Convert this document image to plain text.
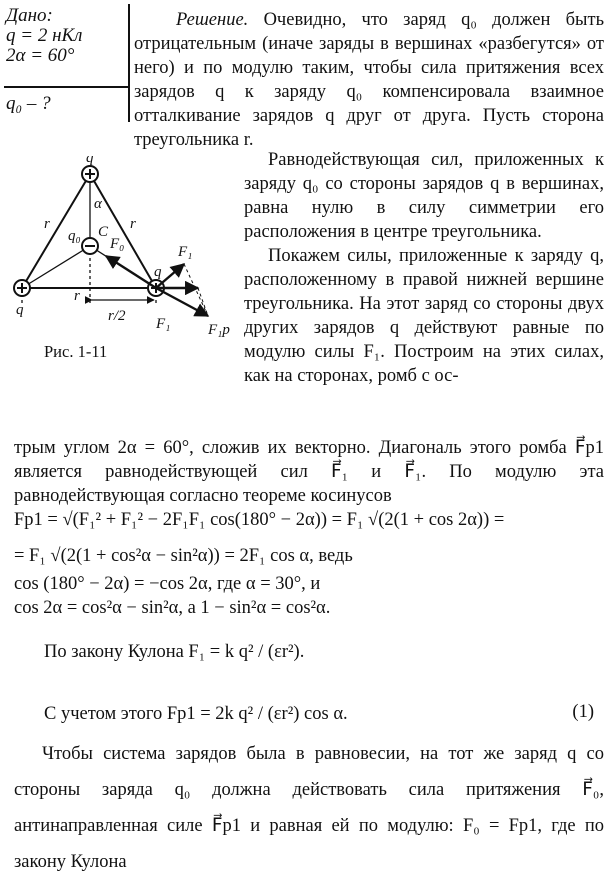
Дано:
q = 2 нКл
2α = 60°
q₀ – ?
Решение. Очевидно, что заряд q₀ должен быть отрицательным (иначе заряды в вершинах «разбегутся» от него) и по модулю таким, чтобы сила притяжения всех зарядов q к заряду q₀ компенсировала взаимное отталкивание зарядов q друг от друга. Пусть сторона треугольника r.
Равнодействующая сил, приложенных к заряду q₀ со стороны зарядов q в вершинах, равна нулю в силу симметрии его расположения в центре треугольника.
Покажем силы, приложенные к заряду q, расположенному в правой нижней вершине треугольника. На этот заряд со стороны двух других зарядов q действуют равные по модулю силы F₁. Построим на этих силах, как на сторонах, ромб с ос-
трым углом 2α = 60°, сложив их векторно. Диагональ этого ромба F⃗р1 является равнодействующей сил F⃗₁ и F⃗₁. По модулю эта равнодействующая согласно теореме косинусов
q
q
q
q₀ C
α
r	r
r
r/2
F₀	F₁
F₁	F₁р
Рис. 1-11
Fр1 = √(F₁² + F₁² − 2F₁F₁ cos(180° − 2α)) = F₁ √(2(1 + cos 2α)) =
= F₁ √(2(1 + cos²α − sin²α)) = 2F₁ cos α, ведь
cos (180° − 2α) = −cos 2α, где α = 30°, и
cos 2α = cos²α − sin²α, а 1 − sin²α = cos²α.
По закону Кулона F₁ = k q² / (εr²).
С учетом этого Fр1 = 2k q² / (εr²) cos α.	(1)
Чтобы система зарядов была в равновесии, на тот же заряд q со стороны заряда q₀ должна действовать сила притяжения F⃗₀, антинаправленная силе F⃗р1 и равная ей по модулю: F₀ = Fр1, где по закону Кулона
